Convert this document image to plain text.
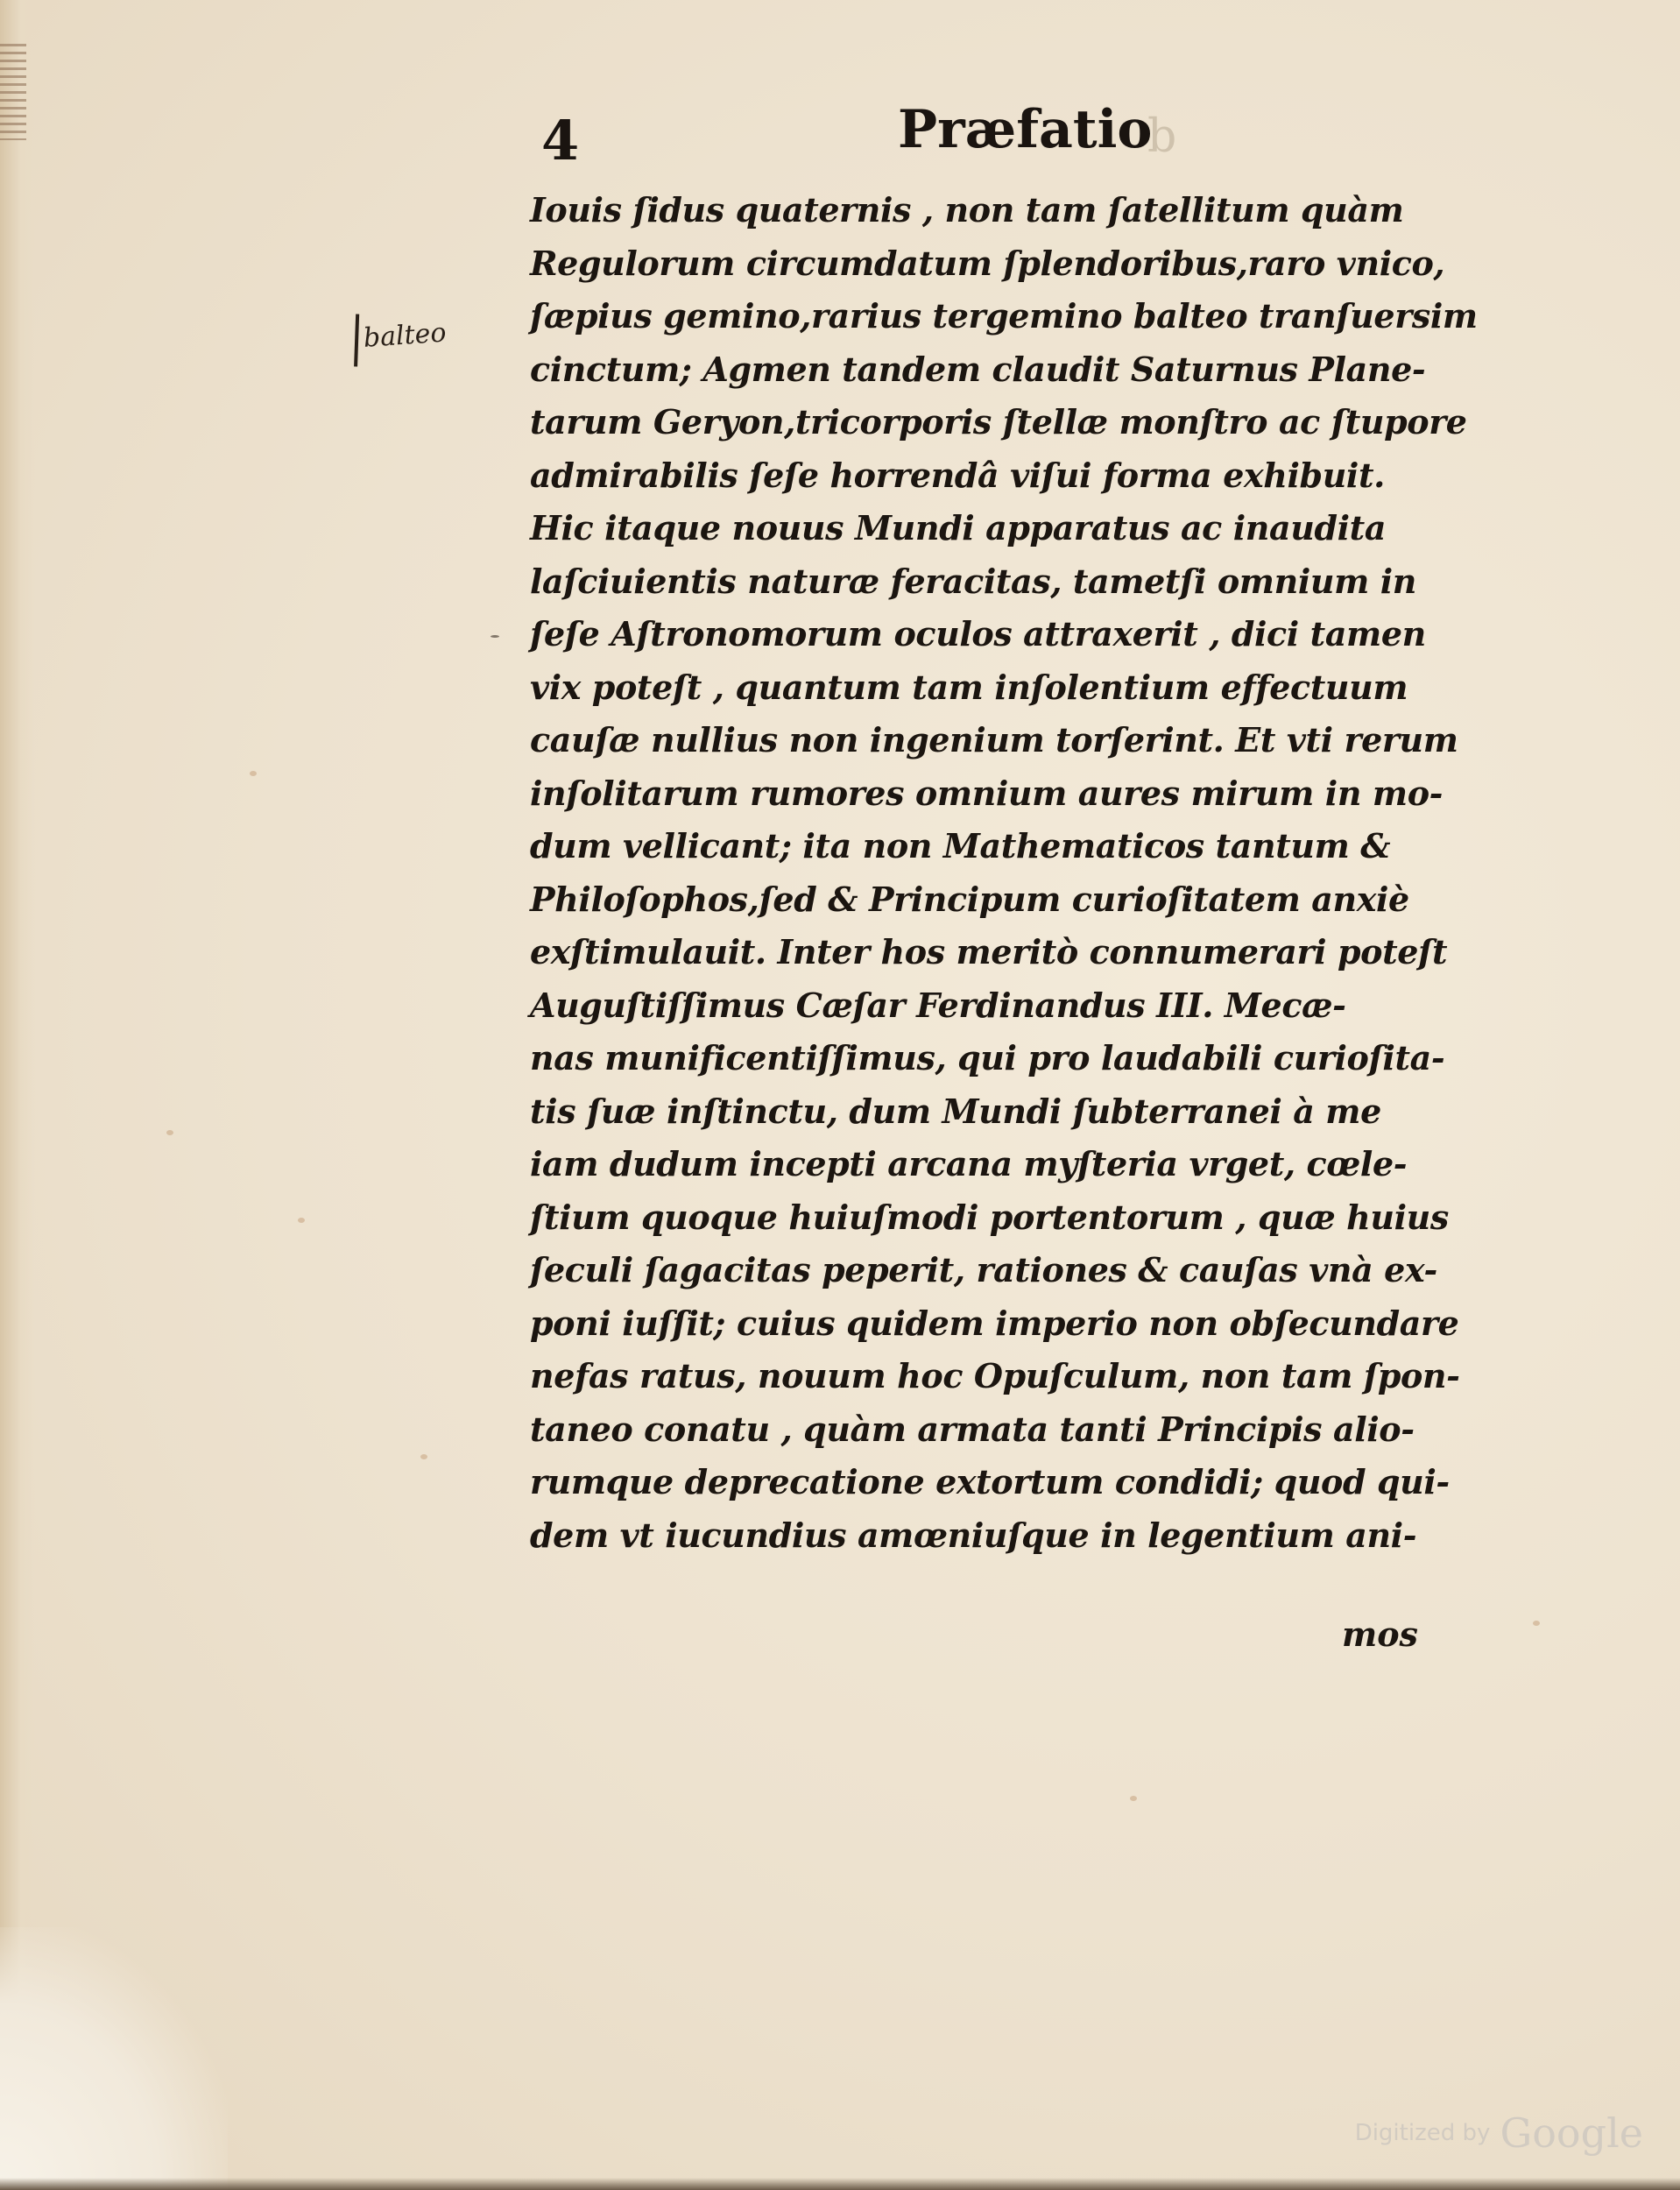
4	Præfatio
b
balteo
Iouis ſidus quaternis , non tam ſatellitum quàm
Regulorum circumdatum ſplendoribus,raro vnico,
ſæpius gemino,rarius tergemino balteo tranſuersim
cinctum; Agmen tandem claudit Saturnus Plane-
tarum Geryon,tricorporis ſtellæ monſtro ac ſtupore
admirabilis ſeſe horrendâ viſui forma exhibuit.
Hic itaque nouus Mundi apparatus ac inaudita
laſciuientis naturæ feracitas, tametſi omnium in
ſeſe Aſtronomorum oculos attraxerit , dici tamen
vix poteſt , quantum tam inſolentium effectuum
cauſæ nullius non ingenium torſerint. Et vti rerum
inſolitarum rumores omnium aures mirum in mo-
dum vellicant; ita non Mathematicos tantum &
Philoſophos,ſed & Principum curioſitatem anxiè
exſtimulauit. Inter hos meritò connumerari poteſt
Auguſtiſſimus Cæſar Ferdinandus III. Mecæ-
nas munificentiſſimus, qui pro laudabili curioſita-
tis ſuæ inſtinctu, dum Mundi ſubterranei à me
iam dudum incepti arcana myſteria vrget, cœle-
ſtium quoque huiuſmodi portentorum , quæ huius
ſeculi ſagacitas peperit, rationes & cauſas vnà ex-
poni iuſſit; cuius quidem imperio non obſecundare
nefas ratus, nouum hoc Opuſculum, non tam ſpon-
taneo conatu , quàm armata tanti Principis alio-
rumque deprecatione extortum condidi; quod qui-
dem vt iucundius amœniuſque in legentium ani-
mos
Digitized by Google
